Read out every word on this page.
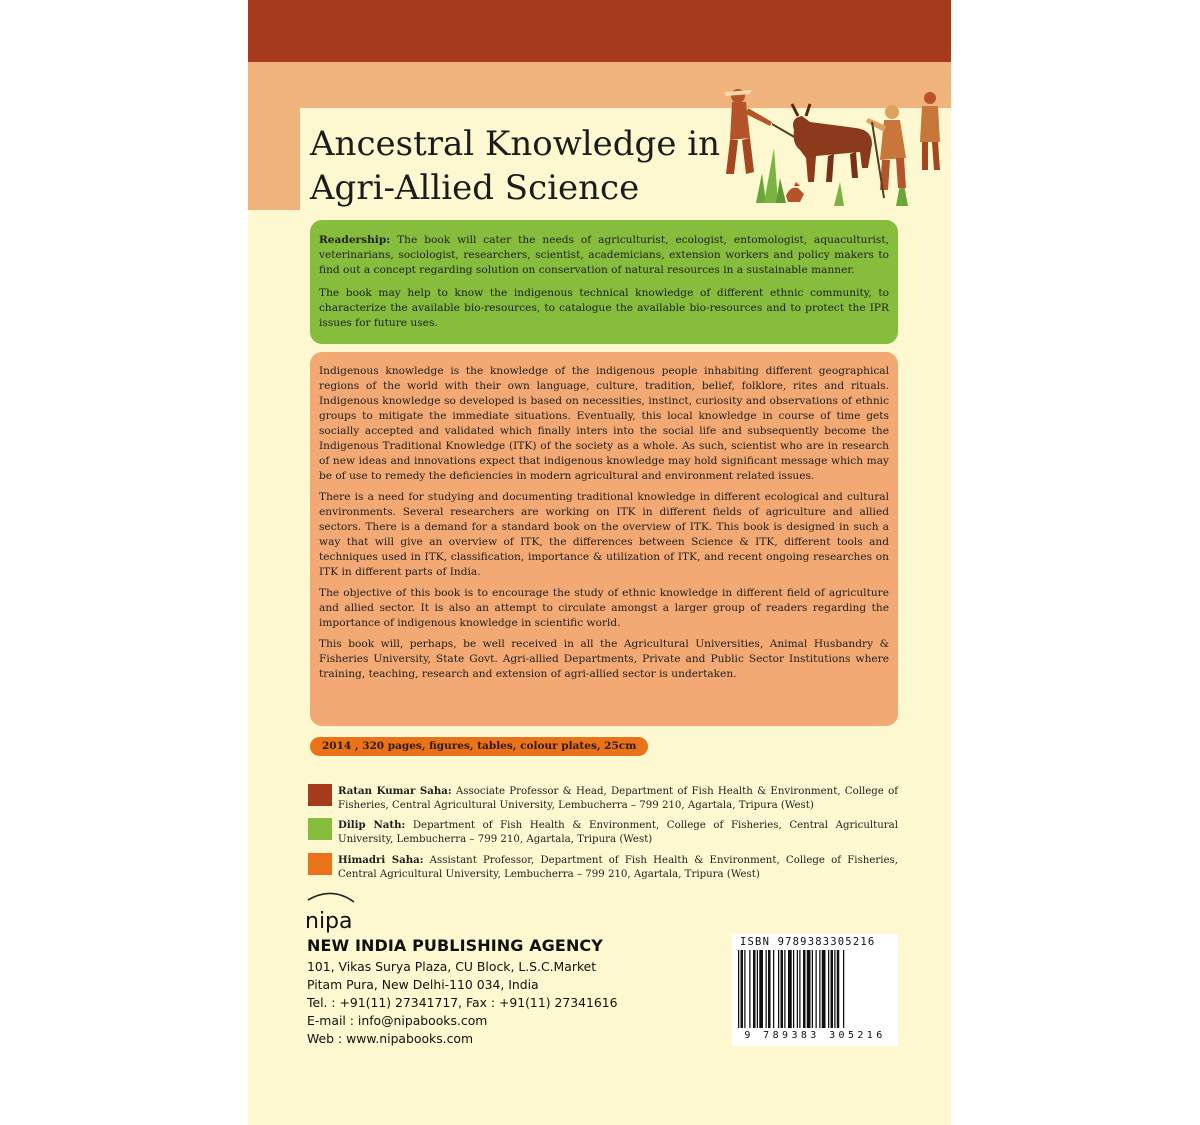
Ancestral Knowledge in
Agri-Allied Science

Readership: The book will cater the needs of agriculturist, ecologist, entomologist, aquaculturist, veterinarians, sociologist, researchers, scientist, academicians, extension workers and policy makers to find out a concept regarding solution on conservation of natural resources in a sustainable manner.

The book may help to know the indigenous technical knowledge of different ethnic community, to characterize the available bio-resources, to catalogue the available bio-resources and to protect the IPR issues for future uses.

Indigenous knowledge is the knowledge of the indigenous people inhabiting different geographical regions of the world with their own language, culture, tradition, belief, folklore, rites and rituals. Indigenous knowledge so developed is based on necessities, instinct, curiosity and observations of ethnic groups to mitigate the immediate situations. Eventually, this local knowledge in course of time gets socially accepted and validated which finally inters into the social life and subsequently become the Indigenous Traditional Knowledge (ITK) of the society as a whole. As such, scientist who are in research of new ideas and innovations expect that indigenous knowledge may hold significant message which may be of use to remedy the deficiencies in modern agricultural and environment related issues.

There is a need for studying and documenting traditional knowledge in different ecological and cultural environments. Several researchers are working on ITK in different fields of agriculture and allied sectors. There is a demand for a standard book on the overview of ITK. This book is designed in such a way that will give an overview of ITK, the differences between Science & ITK, different tools and techniques used in ITK, classification, importance & utilization of ITK, and recent ongoing researches on ITK in different parts of India.

The objective of this book is to encourage the study of ethnic knowledge in different field of agriculture and allied sector. It is also an attempt to circulate amongst a larger group of readers regarding the importance of indigenous knowledge in scientific world.

This book will, perhaps, be well received in all the Agricultural Universities, Animal Husbandry & Fisheries University, State Govt. Agri-allied Departments, Private and Public Sector Institutions where training, teaching, research and extension of agri-allied sector is undertaken.

2014 , 320 pages, figures, tables, colour plates, 25cm
Ratan Kumar Saha: Associate Professor & Head, Department of Fish Health & Environment, College of Fisheries, Central Agricultural University, Lembucherra – 799 210, Agartala, Tripura (West)
Dilip Nath: Department of Fish Health & Environment, College of Fisheries, Central Agricultural University, Lembucherra – 799 210, Agartala, Tripura (West)
Himadri Saha: Assistant Professor, Department of Fish Health & Environment, College of Fisheries, Central Agricultural University, Lembucherra – 799 210, Agartala, Tripura (West)
nipa
NEW INDIA PUBLISHING AGENCY
101, Vikas Surya Plaza, CU Block, L.S.C.Market
Pitam Pura, New Delhi-110 034, India
Tel. : +91(11) 27341717, Fax : +91(11) 27341616
E-mail : info@nipabooks.com
Web : www.nipabooks.com
ISBN 9789383305216
9 789383 305216
